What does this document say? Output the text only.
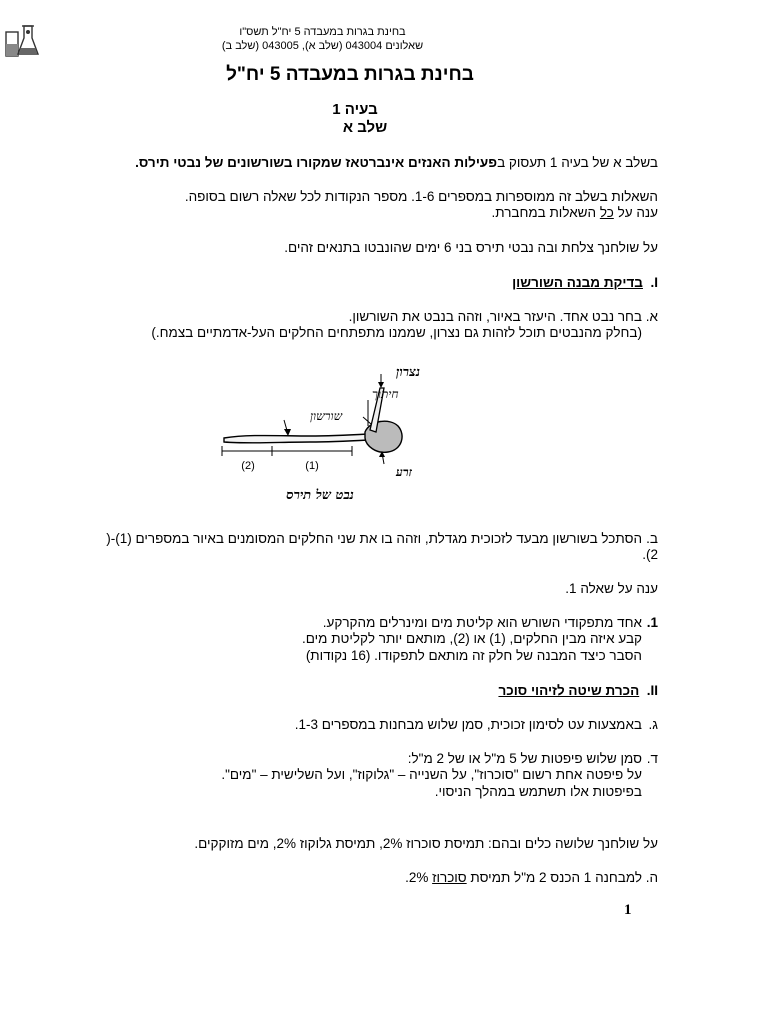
בחינת בגרות במעבדה 5 יח"ל תשס"ו
שאלונים 043004 (שלב א), 043005 (שלב ב)
בחינת בגרות במעבדה 5 יח"ל
בעיה 1
שלב א
בשלב א של בעיה 1 תעסוק בפעילות האנזים אינברטאז שמקורו בשורשונים של נבטי תירס.
השאלות בשלב זה ממוספרות במספרים 1-6. מספר הנקודות לכל שאלה רשום בסופה.
ענה על כל השאלות במחברת.
על שולחנך צלחת ובה נבטי תירס בני 6 ימים שהונבטו בתנאים זהים.
I.  בדיקת מבנה השורשון
א.
בחר נבט אחד. היעזר באיור, וזהה בנבט את השורשון.
(בחלק מהנבטים תוכל לזהות גם נצרון, שממנו מתפתחים החלקים העל-אדמתיים בצמח.)
נצרון
חיתוך
שורשון
זרע
(1)
(2)
נבט של תירס
ב.
הסתכל בשורשון מבעד לזכוכית מגדלת, וזהה בו את שני החלקים המסומנים באיור במספרים (1)-(
2).
ענה על שאלה 1.
1.
אחד מתפקודי השורש הוא קליטת מים ומינרלים מהקרקע.
קבע איזה מבין החלקים, (1) או (2), מותאם יותר לקליטת מים.
הסבר כיצד המבנה של חלק זה מותאם לתפקודו. (16 נקודות)
II.  הכרת שיטה לזיהוי סוכר
ג.
באמצעות עט לסימון זכוכית, סמן שלוש מבחנות במספרים 1-3.
ד.
סמן שלוש פיפטות של 5 מ"ל או של 2 מ"ל:
על פיפטה אחת רשום "סוכרוז", על השנייה – "גלוקוז", ועל השלישית – "מים".
בפיפטות אלו תשתמש במהלך הניסוי.
על שולחנך שלושה כלים ובהם: תמיסת סוכרוז 2%, תמיסת גלוקוז 2%, מים מזוקקים.
ה.
למבחנה 1 הכנס 2 מ"ל תמיסת סוכרוז 2%.
1
